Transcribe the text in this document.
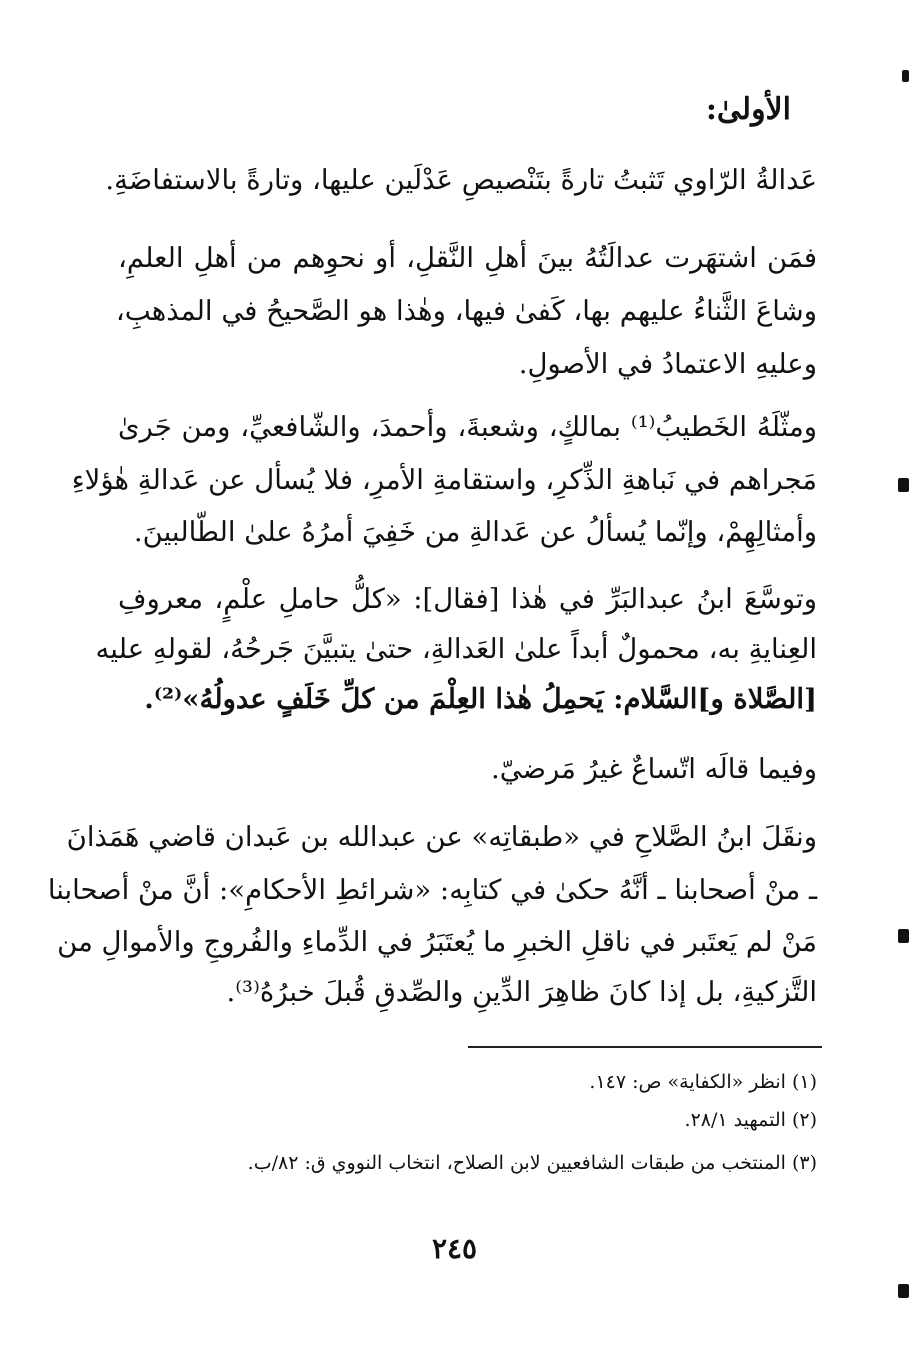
الأولىٰ:
عَدالةُ الرّاوي تَثبتُ تارةً بتَنْصيصِ عَدْلَين عليها، وتارةً بالاستفاضَةِ.
فمَن اشتهَرت عدالَتُهُ بينَ أهلِ النَّقلِ، أو نحوِهم من أهلِ العلمِ،
وشاعَ الثَّناءُ عليهم بها، كَفىٰ فيها، وهٰذا هو الصَّحيحُ في المذهبِ،
وعليهِ الاعتمادُ في الأصولِ.
ومثّلَهُ الخَطيبُ⁽¹⁾ بمالكٍ، وشعبةَ، وأحمدَ، والشّافعيِّ، ومن جَرىٰ
مَجراهم في نَباهةِ الذِّكرِ، واستقامةِ الأمرِ، فلا يُسأل عن عَدالةِ هٰؤلاءِ
وأمثالِهِمْ، وإنّما يُسألُ عن عَدالةِ من خَفِيَ أمرُهُ علىٰ الطّالبينَ.
وتوسَّعَ ابنُ عبدالبَرِّ في هٰذا [فقال]: «كلُّ حاملِ علْمٍ، معروفِ
العِنايةِ به، محمولٌ أبداً علىٰ العَدالةِ، حتىٰ يتبيَّنَ جَرحُهُ، لقولهِ عليه
[الصَّلاة و]السَّلام: يَحمِلُ هٰذا العِلْمَ من كلِّ خَلَفٍ عدولُهُ»⁽²⁾.
وفيما قالَه اتّساعٌ غيرُ مَرضيّ.
ونقَلَ ابنُ الصَّلاحِ في «طبقاتِه» عن عبدالله بن عَبدان قاضي هَمَذانَ
ـ منْ أصحابنا ـ أنَّهُ حكىٰ في كتابِه: «شرائطِ الأحكامِ»: أنَّ منْ أصحابنا
مَنْ لم يَعتَبر في ناقلِ الخبرِ ما يُعتَبَرُ في الدِّماءِ والفُروجِ والأموالِ من
التَّزكيةِ، بل إذا كانَ ظاهِرَ الدِّينِ والصِّدقِ قُبلَ خبرُهُ⁽³⁾.
(١) انظر «الكفاية» ص: ١٤٧.
(٢) التمهيد ٢٨/١.
(٣) المنتخب من طبقات الشافعيين لابن الصلاح، انتخاب النووي ق: ٨٢/ب.
٢٤٥
